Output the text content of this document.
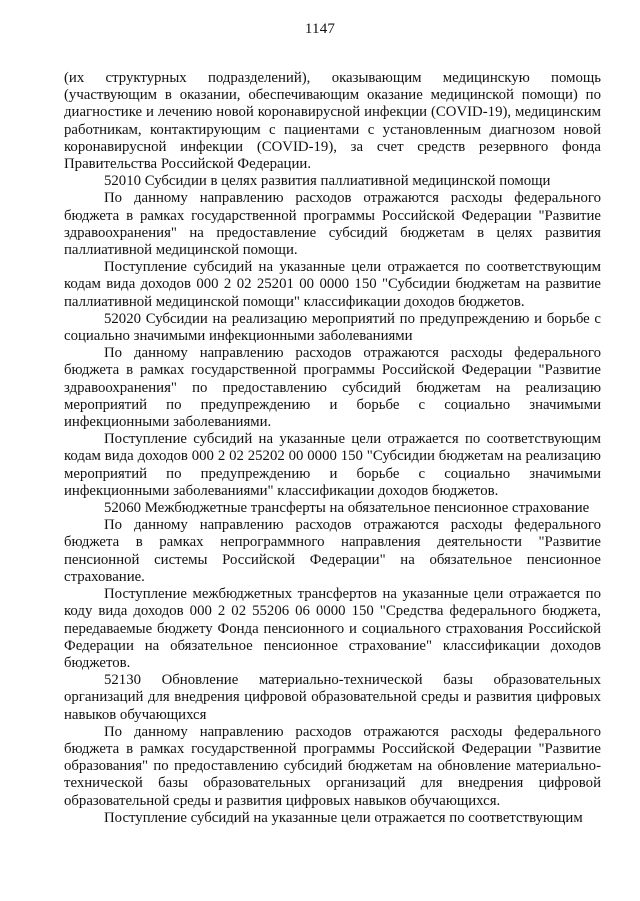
1147

(их структурных подразделений), оказывающим медицинскую помощь (участвующим в оказании, обеспечивающим оказание медицинской помощи) по диагностике и лечению новой коронавирусной инфекции (COVID-19), медицинским работникам, контактирующим с пациентами с установленным диагнозом новой коронавирусной инфекции (COVID-19), за счет средств резервного фонда Правительства Российской Федерации.

52010 Субсидии в целях развития паллиативной медицинской помощи

По данному направлению расходов отражаются расходы федерального бюджета в рамках государственной программы Российской Федерации "Развитие здравоохранения" на предоставление субсидий бюджетам в целях развития паллиативной медицинской помощи.

Поступление субсидий на указанные цели отражается по соответствующим кодам вида доходов 000 2 02 25201 00 0000 150 "Субсидии бюджетам на развитие паллиативной медицинской помощи" классификации доходов бюджетов.

52020 Субсидии на реализацию мероприятий по предупреждению и борьбе с социально значимыми инфекционными заболеваниями

По данному направлению расходов отражаются расходы федерального бюджета в рамках государственной программы Российской Федерации "Развитие здравоохранения" по предоставлению субсидий бюджетам на реализацию мероприятий по предупреждению и борьбе с социально значимыми инфекционными заболеваниями.

Поступление субсидий на указанные цели отражается по соответствующим кодам вида доходов 000 2 02 25202 00 0000 150 "Субсидии бюджетам на реализацию мероприятий по предупреждению и борьбе с социально значимыми инфекционными заболеваниями" классификации доходов бюджетов.

52060 Межбюджетные трансферты на обязательное пенсионное страхование

По данному направлению расходов отражаются расходы федерального бюджета в рамках непрограммного направления деятельности "Развитие пенсионной системы Российской Федерации" на обязательное пенсионное страхование.

Поступление межбюджетных трансфертов на указанные цели отражается по коду вида доходов 000 2 02 55206 06 0000 150 "Средства федерального бюджета, передаваемые бюджету Фонда пенсионного и социального страхования Российской Федерации на обязательное пенсионное страхование" классификации доходов бюджетов.

52130 Обновление материально-технической базы образовательных организаций для внедрения цифровой образовательной среды и развития цифровых навыков обучающихся

По данному направлению расходов отражаются расходы федерального бюджета в рамках государственной программы Российской Федерации "Развитие образования" по предоставлению субсидий бюджетам на обновление материально-технической базы образовательных организаций для внедрения цифровой образовательной среды и развития цифровых навыков обучающихся.

Поступление субсидий на указанные цели отражается по соответствующим
